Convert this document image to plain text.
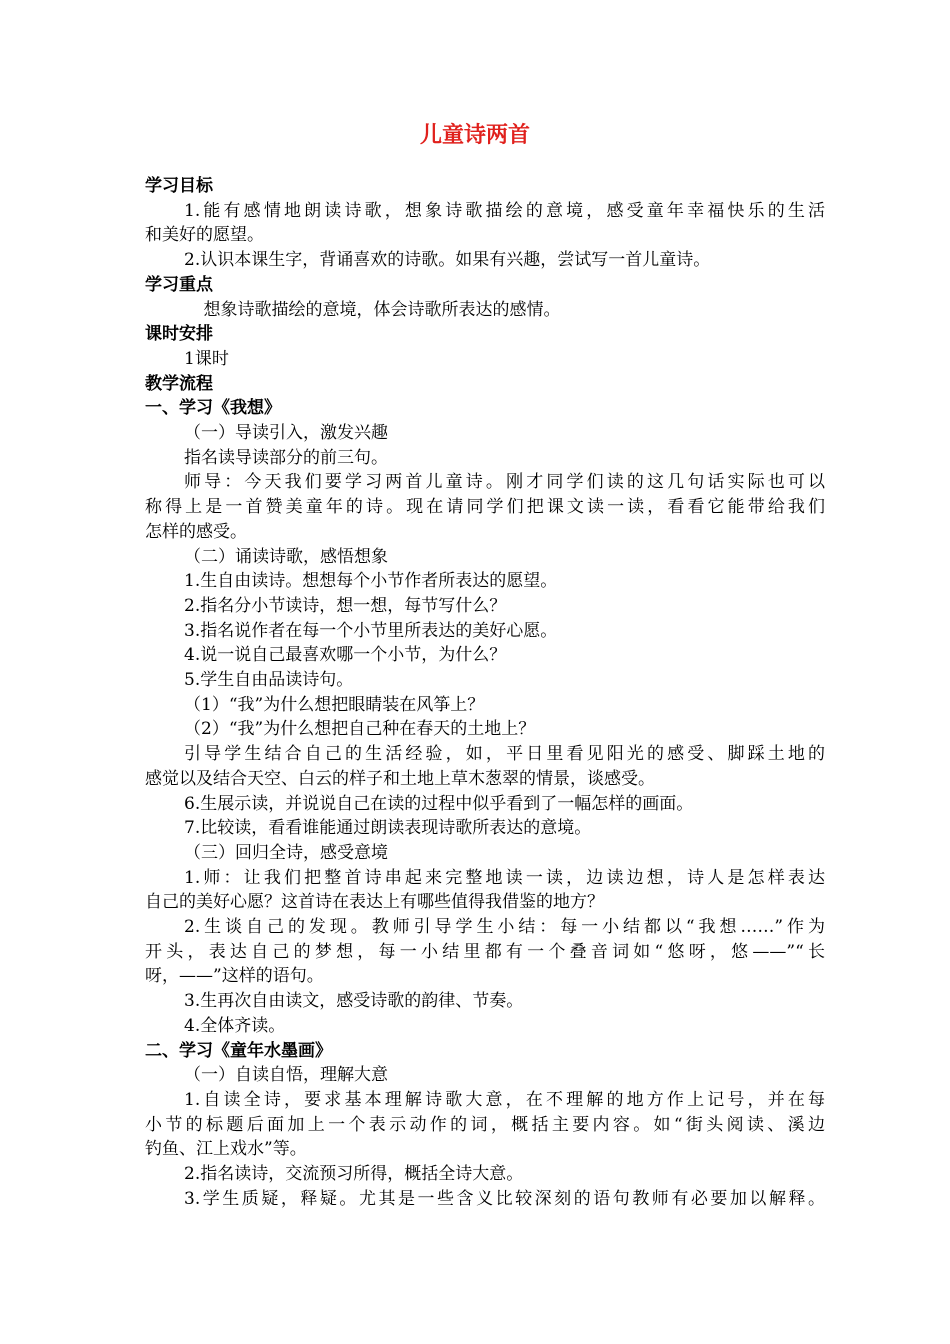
儿童诗两首
学习目标
1.能有感情地朗读诗歌，想象诗歌描绘的意境，感受童年幸福快乐的生活
和美好的愿望。
2.认识本课生字，背诵喜欢的诗歌。如果有兴趣，尝试写一首儿童诗。
学习重点
想象诗歌描绘的意境，体会诗歌所表达的感情。
课时安排
1课时
教学流程
一、学习《我想》
（一）导读引入，激发兴趣
指名读导读部分的前三句。
师导：今天我们要学习两首儿童诗。刚才同学们读的这几句话实际也可以
称得上是一首赞美童年的诗。现在请同学们把课文读一读，看看它能带给我们
怎样的感受。
（二）诵读诗歌，感悟想象
1.生自由读诗。想想每个小节作者所表达的愿望。
2.指名分小节读诗，想一想，每节写什么？
3.指名说作者在每一个小节里所表达的美好心愿。
4.说一说自己最喜欢哪一个小节，为什么？
5.学生自由品读诗句。
（1）“我”为什么想把眼睛装在风筝上？
（2）“我”为什么想把自己种在春天的土地上？
引导学生结合自己的生活经验，如，平日里看见阳光的感受、脚踩土地的
感觉以及结合天空、白云的样子和土地上草木葱翠的情景，谈感受。
6.生展示读，并说说自己在读的过程中似乎看到了一幅怎样的画面。
7.比较读，看看谁能通过朗读表现诗歌所表达的意境。
（三）回归全诗，感受意境
1.师：让我们把整首诗串起来完整地读一读，边读边想，诗人是怎样表达
自己的美好心愿？这首诗在表达上有哪些值得我借鉴的地方？
2.生谈自己的发现。教师引导学生小结：每一小结都以“我想……”作为
开头，表达自己的梦想，每一小结里都有一个叠音词如“悠呀，悠——”“长
呀，——”这样的语句。
3.生再次自由读文，感受诗歌的韵律、节奏。
4.全体齐读。
二、学习《童年水墨画》
（一）自读自悟，理解大意
1.自读全诗，要求基本理解诗歌大意，在不理解的地方作上记号，并在每
小节的标题后面加上一个表示动作的词，概括主要内容。如“街头阅读、溪边
钓鱼、江上戏水”等。
2.指名读诗，交流预习所得，概括全诗大意。
3.学生质疑，释疑。尤其是一些含义比较深刻的语句教师有必要加以解释。
